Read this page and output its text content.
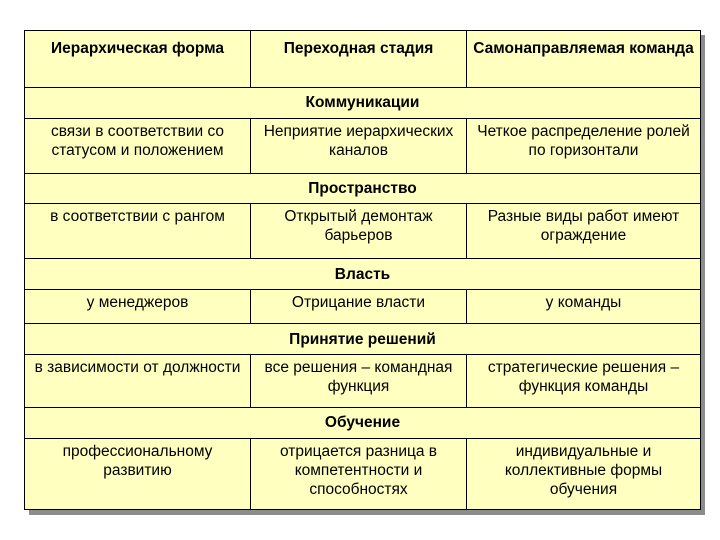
Иерархическая форма	Переходная стадия	Самонаправляемая команда
Коммуникации		
связи в соответствии со статусом и положением	Неприятие иерархических каналов	Четкое распределение ролей по горизонтали
Пространство		
в соответствии с рангом	Открытый демонтаж барьеров	Разные виды работ имеют ограждение
Власть		
у менеджеров	Отрицание власти	у команды
Принятие решений		
в зависимости от должности	все решения – командная функция	стратегические решения – функция команды
Обучение		
профессиональному развитию	отрицается разница в компетентности и способностях	индивидуальные и коллективные формы обучения
